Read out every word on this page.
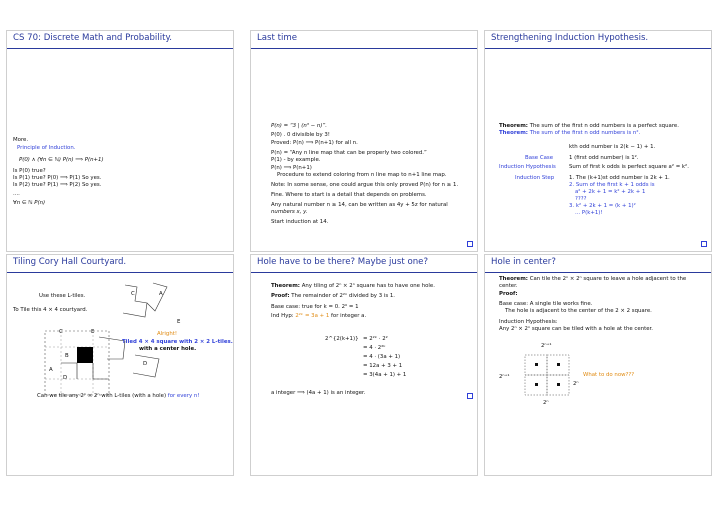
CS 70: Discrete Math and Probability.
More.
Principle of Induction.
P(0) ∧ (∀n ∈ ℕ) P(n) ⟹ P(n+1)
Is P(0) true?
Is P(1) true? P(0) ⟹ P(1) So yes.
Is P(2) true? P(1) ⟹ P(2) So yes.
....
∀n ∈ ℕ P(n)
Last time
P(n) = “3 | (n³ − n)”.
P(0) . 0 divisible by 3!
Proved: P(n) ⟹ P(n+1) for all n.
P(n) = “Any n line map that can be properly two colored.”
P(1) - by example.
P(n) ⟹ P(n+1)
Procedure to extend coloring from n line map to n+1 line map.
Note: In some sense, one could argue this only proved P(n) for n ≥ 1.
Fine. Where to start is a detail that depends on problems.
Any natural number n ≥ 14, can be written as 4y + 5z for natural
numbers x, y.
Start induction at 14.
Strengthening Induction Hypothesis.
Theorem: The sum of the first n odd numbers is a perfect square.
Theorem: The sum of the first n odd numbers is n².
kth odd number is 2(k − 1) + 1.
Base Case	1 (first odd number) is 1².
Induction Hypothesis Sum of first k odds is perfect square a² = k².
Induction Step	1. The (k+1)st odd number is 2k + 1.
2. Sum of the first k + 1 odds is
a² + 2k + 1 = k² + 2k + 1
????
3. k² + 2k + 1 = (k + 1)²
... P(k+1)!
Tiling Cory Hall Courtyard.
Use these L-tiles.
To Tile this 4 × 4 courtyard.
C	A
E
C	E
B
A
D
D
Alright!
Tiled 4 × 4 square with 2 × 2 L-tiles.
with a center hole.
Can we tile any 2ⁿ × 2ⁿ with L-tiles (with a hole) for every n!
Hole have to be there? Maybe just one?
Theorem: Any tiling of 2ⁿ × 2ⁿ square has to have one hole.
Proof: The remainder of 2²ⁿ divided by 3 is 1.
Base case: true for k = 0. 2⁰ = 1
Ind Hyp: 2²ᵏ = 3a + 1 for integer a.
2^{2(k+1)} = 2²ᵏ · 2²
= 4 · 2²ᵏ
= 4 · (3a + 1)
= 12a + 3 + 1
= 3(4a + 1) + 1
a integer ⟹ (4a + 1) is an integer.
Hole in center?
Theorem: Can tile the 2ⁿ × 2ⁿ square to leave a hole adjacent to the
center.
Proof:
Base case: A single tile works fine.
The hole is adjacent to the center of the 2 × 2 square.
Induction Hypothesis:
Any 2ⁿ × 2ⁿ square can be tiled with a hole at the center.
2ⁿ⁺¹
2ⁿ⁺¹	What to do now???
2ⁿ
2ⁿ
